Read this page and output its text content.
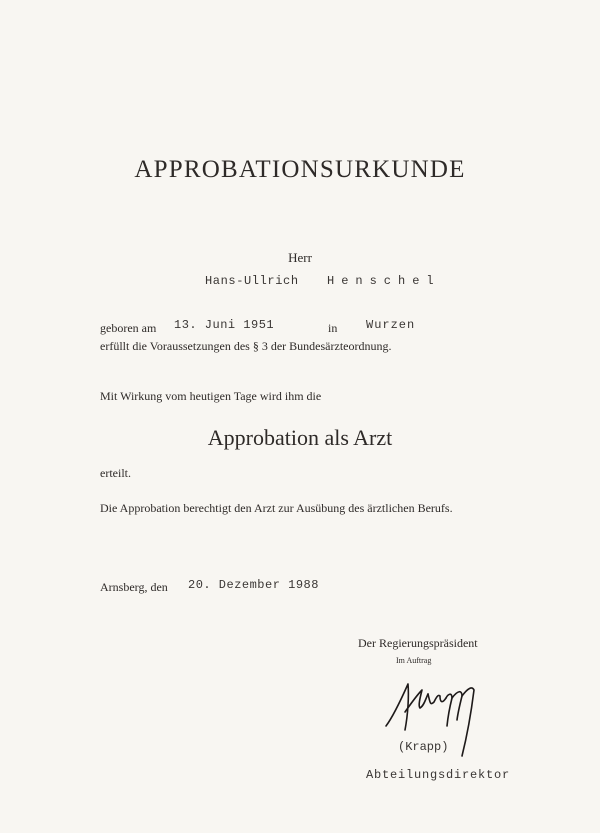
APPROBATIONSURKUNDE
Herr
Hans-Ullrich Henschel
geboren am 13. Juni 1951	in Wurzen
erfüllt die Voraussetzungen des § 3 der Bundesärzteordnung.
Mit Wirkung vom heutigen Tage wird ihm die
Approbation als Arzt
erteilt.
Die Approbation berechtigt den Arzt zur Ausübung des ärztlichen Berufs.
Arnsberg, den 20. Dezember 1988
Der Regierungspräsident
Im Auftrag
(Krapp)
Abteilungsdirektor
